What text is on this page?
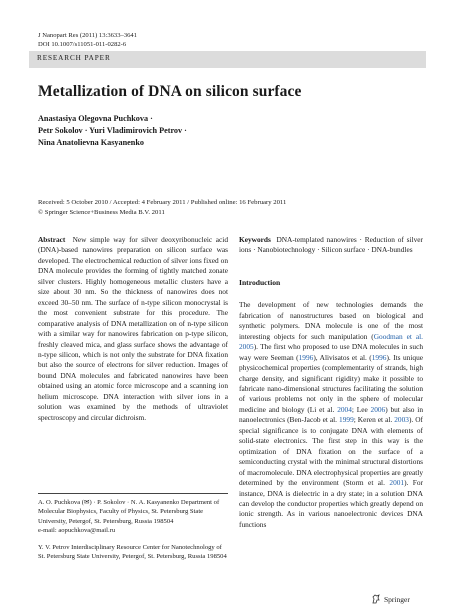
J Nanopart Res (2011) 13:3633–3641
DOI 10.1007/s11051-011-0282-6
RESEARCH PAPER
Metallization of DNA on silicon surface
Anastasiya Olegovna Puchkova ·
Petr Sokolov · Yuri Vladimirovich Petrov ·
Nina Anatolievna Kasyanenko
Received: 5 October 2010 / Accepted: 4 February 2011 / Published online: 16 February 2011
© Springer Science+Business Media B.V. 2011
Abstract New simple way for silver deoxyribonucleic acid (DNA)-based nanowires preparation on silicon surface was developed. The electrochemical reduction of silver ions fixed on DNA molecule provides the forming of tightly matched zonate silver clusters. Highly homogeneous metallic clusters have a size about 30 nm. So the thickness of nanowires does not exceed 30–50 nm. The surface of n-type silicon monocrystal is the most convenient substrate for this procedure. The comparative analysis of DNA metallization on of n-type silicon with a similar way for nanowires fabrication on p-type silicon, freshly cleaved mica, and glass surface shows the advantage of n-type silicon, which is not only the substrate for DNA fixation but also the source of electrons for silver reduction. Images of bound DNA molecules and fabricated nanowires have been obtained using an atomic force microscope and a scanning ion helium microscope. DNA interaction with silver ions in a solution was examined by the methods of ultraviolet spectroscopy and circular dichroism.

A. O. Puchkova (✉) · P. Sokolov · N. A. Kasyanenko Department of Molecular Biophysics, Faculty of Physics, St. Petersburg State University, Petergof, St. Petersburg, Russia 198504
e-mail: aopuchkova@mail.ru

Y. V. Petrov Interdisciplinary Resource Center for Nanotechnology of St. Petersburg State University, Petergof, St. Petersburg, Russia 198504

Keywords DNA-templated nanowires · Reduction of silver ions · Nanobiotechnology · Silicon surface · DNA-bundles
Introduction
The development of new technologies demands the fabrication of nanostructures based on biological and synthetic polymers. DNA molecule is one of the most interesting objects for such manipulation (Goodman et al. 2005). The first who proposed to use DNA molecules in such way were Seeman (1996), Alivisatos et al. (1996). Its unique physicochemical properties (complementarity of strands, high charge density, and significant rigidity) make it possible to fabricate nano-dimensional structures facilitating the solution of various problems not only in the sphere of molecular medicine and biology (Li et al. 2004; Lee 2006) but also in nanoelectronics (Ben-Jacob et al. 1999; Keren et al. 2003). Of special significance is to conjugate DNA with elements of solid-state electronics. The first step in this way is the optimization of DNA fixation on the surface of a semiconducting crystal with the minimal structural distortions of macromolecule. DNA electrophysical properties are greatly determined by the environment (Storm et al. 2001). For instance, DNA is dielectric in a dry state; in a solution DNA can develop the conductor properties which greatly depend on ionic strength. As in various nanoelectronic devices DNA functions
Springer
